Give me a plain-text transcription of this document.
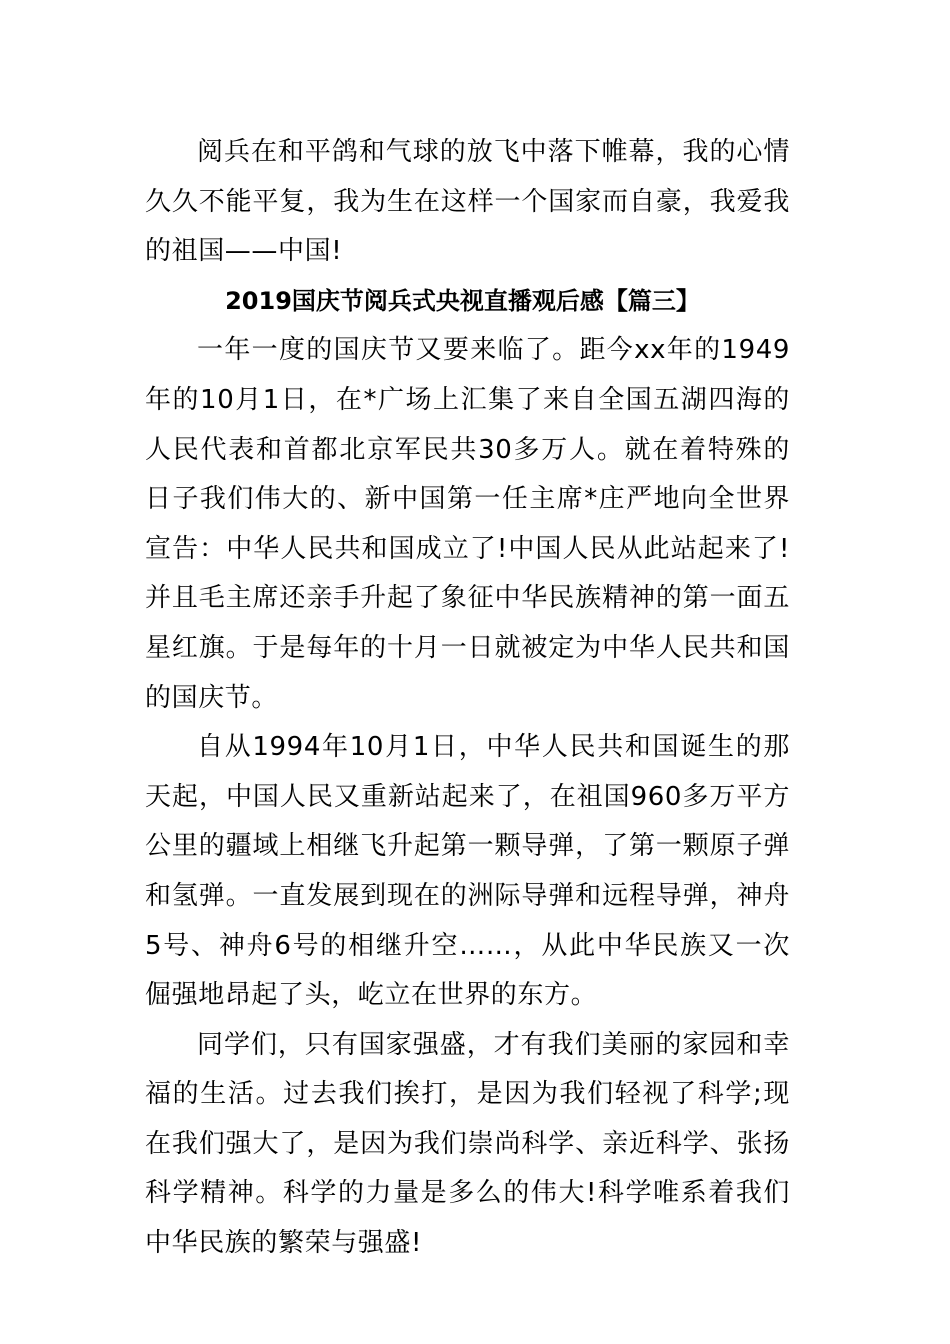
阅兵在和平鸽和气球的放飞中落下帷幕，我的心情久久不能平复，我为生在这样一个国家而自豪，我爱我的祖国——中国!

2019国庆节阅兵式央视直播观后感【篇三】

一年一度的国庆节又要来临了。距今xx年的1949年的10月1日，在*广场上汇集了来自全国五湖四海的人民代表和首都北京军民共30多万人。就在着特殊的日子我们伟大的、新中国第一任主席*庄严地向全世界宣告：中华人民共和国成立了!中国人民从此站起来了!并且毛主席还亲手升起了象征中华民族精神的第一面五星红旗。于是每年的十月一日就被定为中华人民共和国的国庆节。

自从1994年10月1日，中华人民共和国诞生的那天起，中国人民又重新站起来了，在祖国960多万平方公里的疆域上相继飞升起第一颗导弹，了第一颗原子弹和氢弹。一直发展到现在的洲际导弹和远程导弹，神舟5号、神舟6号的相继升空……，从此中华民族又一次倔强地昂起了头，屹立在世界的东方。

同学们，只有国家强盛，才有我们美丽的家园和幸福的生活。过去我们挨打，是因为我们轻视了科学;现在我们强大了，是因为我们崇尚科学、亲近科学、张扬科学精神。科学的力量是多么的伟大!科学唯系着我们中华民族的繁荣与强盛!
